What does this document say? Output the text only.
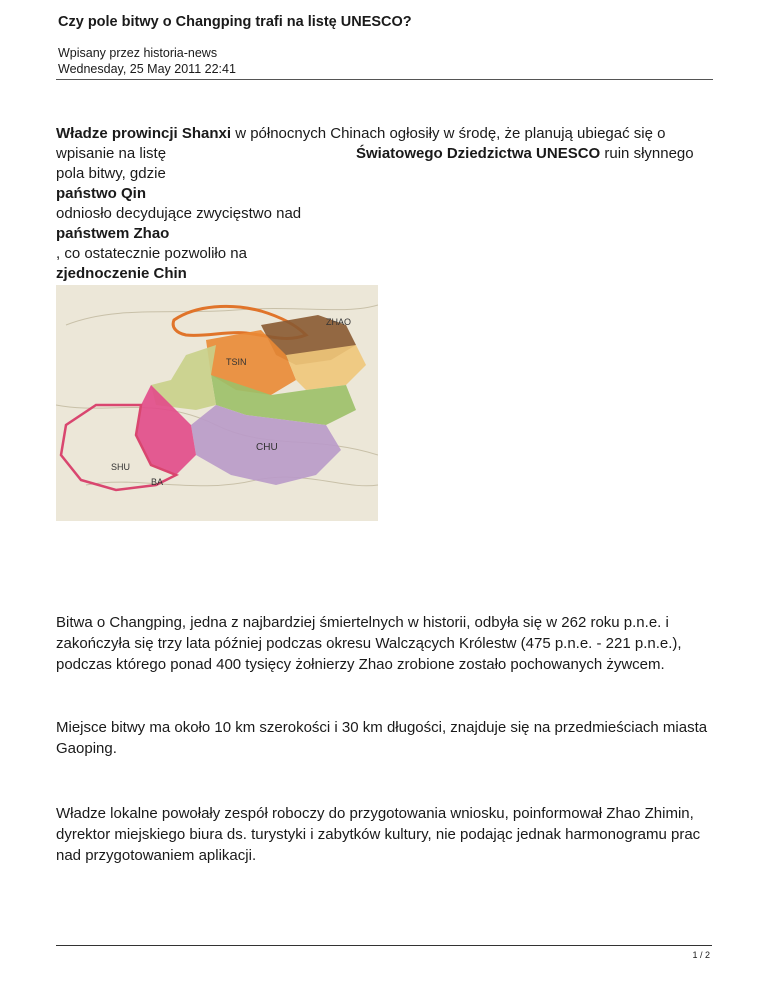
Czy pole bitwy o Changping trafi na listę UNESCO?
Wpisany przez historia-news
Wednesday, 25 May 2011 22:41
Władze prowincji Shanxi w północnych Chinach ogłosiły w środę, że planują ubiegać się o
wpisanie na listę	Światowego Dziedzictwa UNESCO ruin słynnego
pola bitwy, gdzie
państwo Qin
odniosło decydujące zwycięstwo nad
państwem Zhao
, co ostatecznie pozwoliło na
zjednoczenie Chin
ZHAO
TSIN
CHU
SHU
BA
Bitwa o Changping, jedna z najbardziej śmiertelnych w historii, odbyła się w 262 roku p.n.e. i zakończyła się trzy lata później podczas okresu Walczących Królestw (475 p.n.e. - 221 p.n.e.), podczas którego ponad 400 tysięcy żołnierzy Zhao zrobione zostało pochowanych żywcem.
Miejsce bitwy ma około 10 km szerokości i 30 km długości, znajduje się na przedmieściach miasta Gaoping.
Władze lokalne powołały zespół roboczy do przygotowania wniosku, poinformował Zhao Zhimin, dyrektor miejskiego biura ds. turystyki i zabytków kultury, nie podając jednak harmonogramu prac nad przygotowaniem aplikacji.
1 / 2
